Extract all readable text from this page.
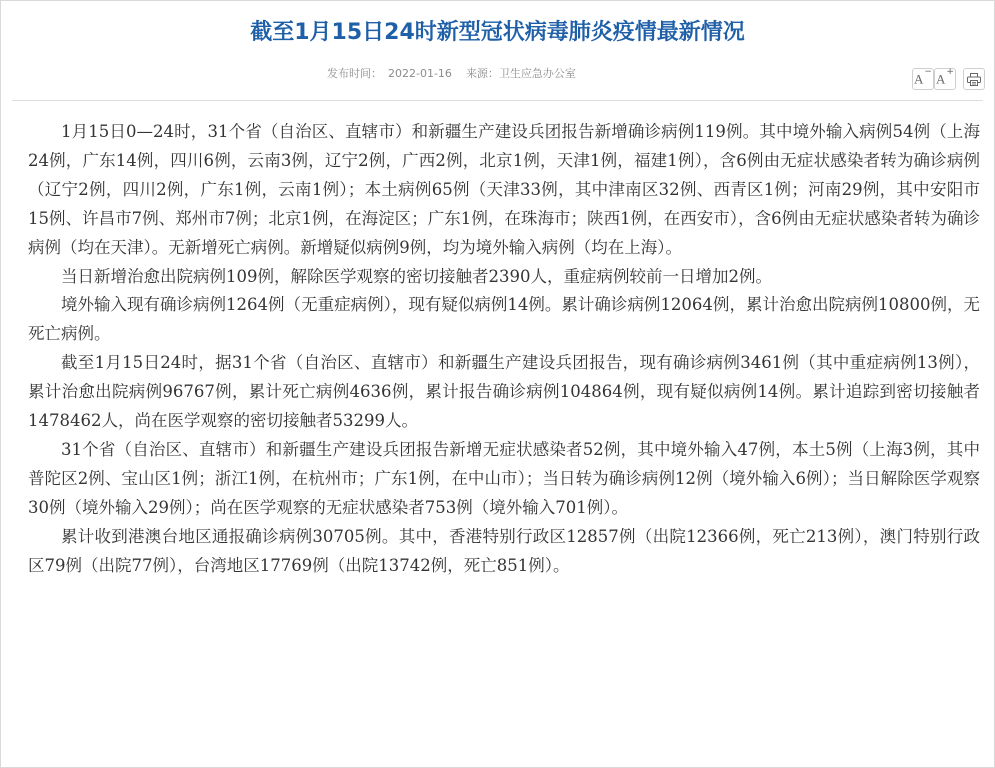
截至1月15日24时新型冠状病毒肺炎疫情最新情况
发布时间： 2022-01-16 来源：卫生应急办公室	A− A+

1月15日0—24时，31个省（自治区、直辖市）和新疆生产建设兵团报告新增确诊病例119例。其中境外输入病例54例（上海24例，广东14例，四川6例，云南3例，辽宁2例，广西2例，北京1例，天津1例，福建1例），含6例由无症状感染者转为确诊病例（辽宁2例，四川2例，广东1例，云南1例）；本土病例65例（天津33例，其中津南区32例、西青区1例；河南29例，其中安阳市15例、许昌市7例、郑州市7例；北京1例，在海淀区；广东1例，在珠海市；陕西1例，在西安市），含6例由无症状感染者转为确诊病例（均在天津）。无新增死亡病例。新增疑似病例9例，均为境外输入病例（均在上海）。

当日新增治愈出院病例109例，解除医学观察的密切接触者2390人，重症病例较前一日增加2例。

境外输入现有确诊病例1264例（无重症病例），现有疑似病例14例。累计确诊病例12064例，累计治愈出院病例10800例，无死亡病例。

截至1月15日24时，据31个省（自治区、直辖市）和新疆生产建设兵团报告，现有确诊病例3461例（其中重症病例13例），累计治愈出院病例96767例，累计死亡病例4636例，累计报告确诊病例104864例，现有疑似病例14例。累计追踪到密切接触者1478462人，尚在医学观察的密切接触者53299人。

31个省（自治区、直辖市）和新疆生产建设兵团报告新增无症状感染者52例，其中境外输入47例，本土5例（上海3例，其中普陀区2例、宝山区1例；浙江1例，在杭州市；广东1例，在中山市）；当日转为确诊病例12例（境外输入6例）；当日解除医学观察30例（境外输入29例）；尚在医学观察的无症状感染者753例（境外输入701例）。

累计收到港澳台地区通报确诊病例30705例。其中，香港特别行政区12857例（出院12366例，死亡213例），澳门特别行政区79例（出院77例），台湾地区17769例（出院13742例，死亡851例）。
